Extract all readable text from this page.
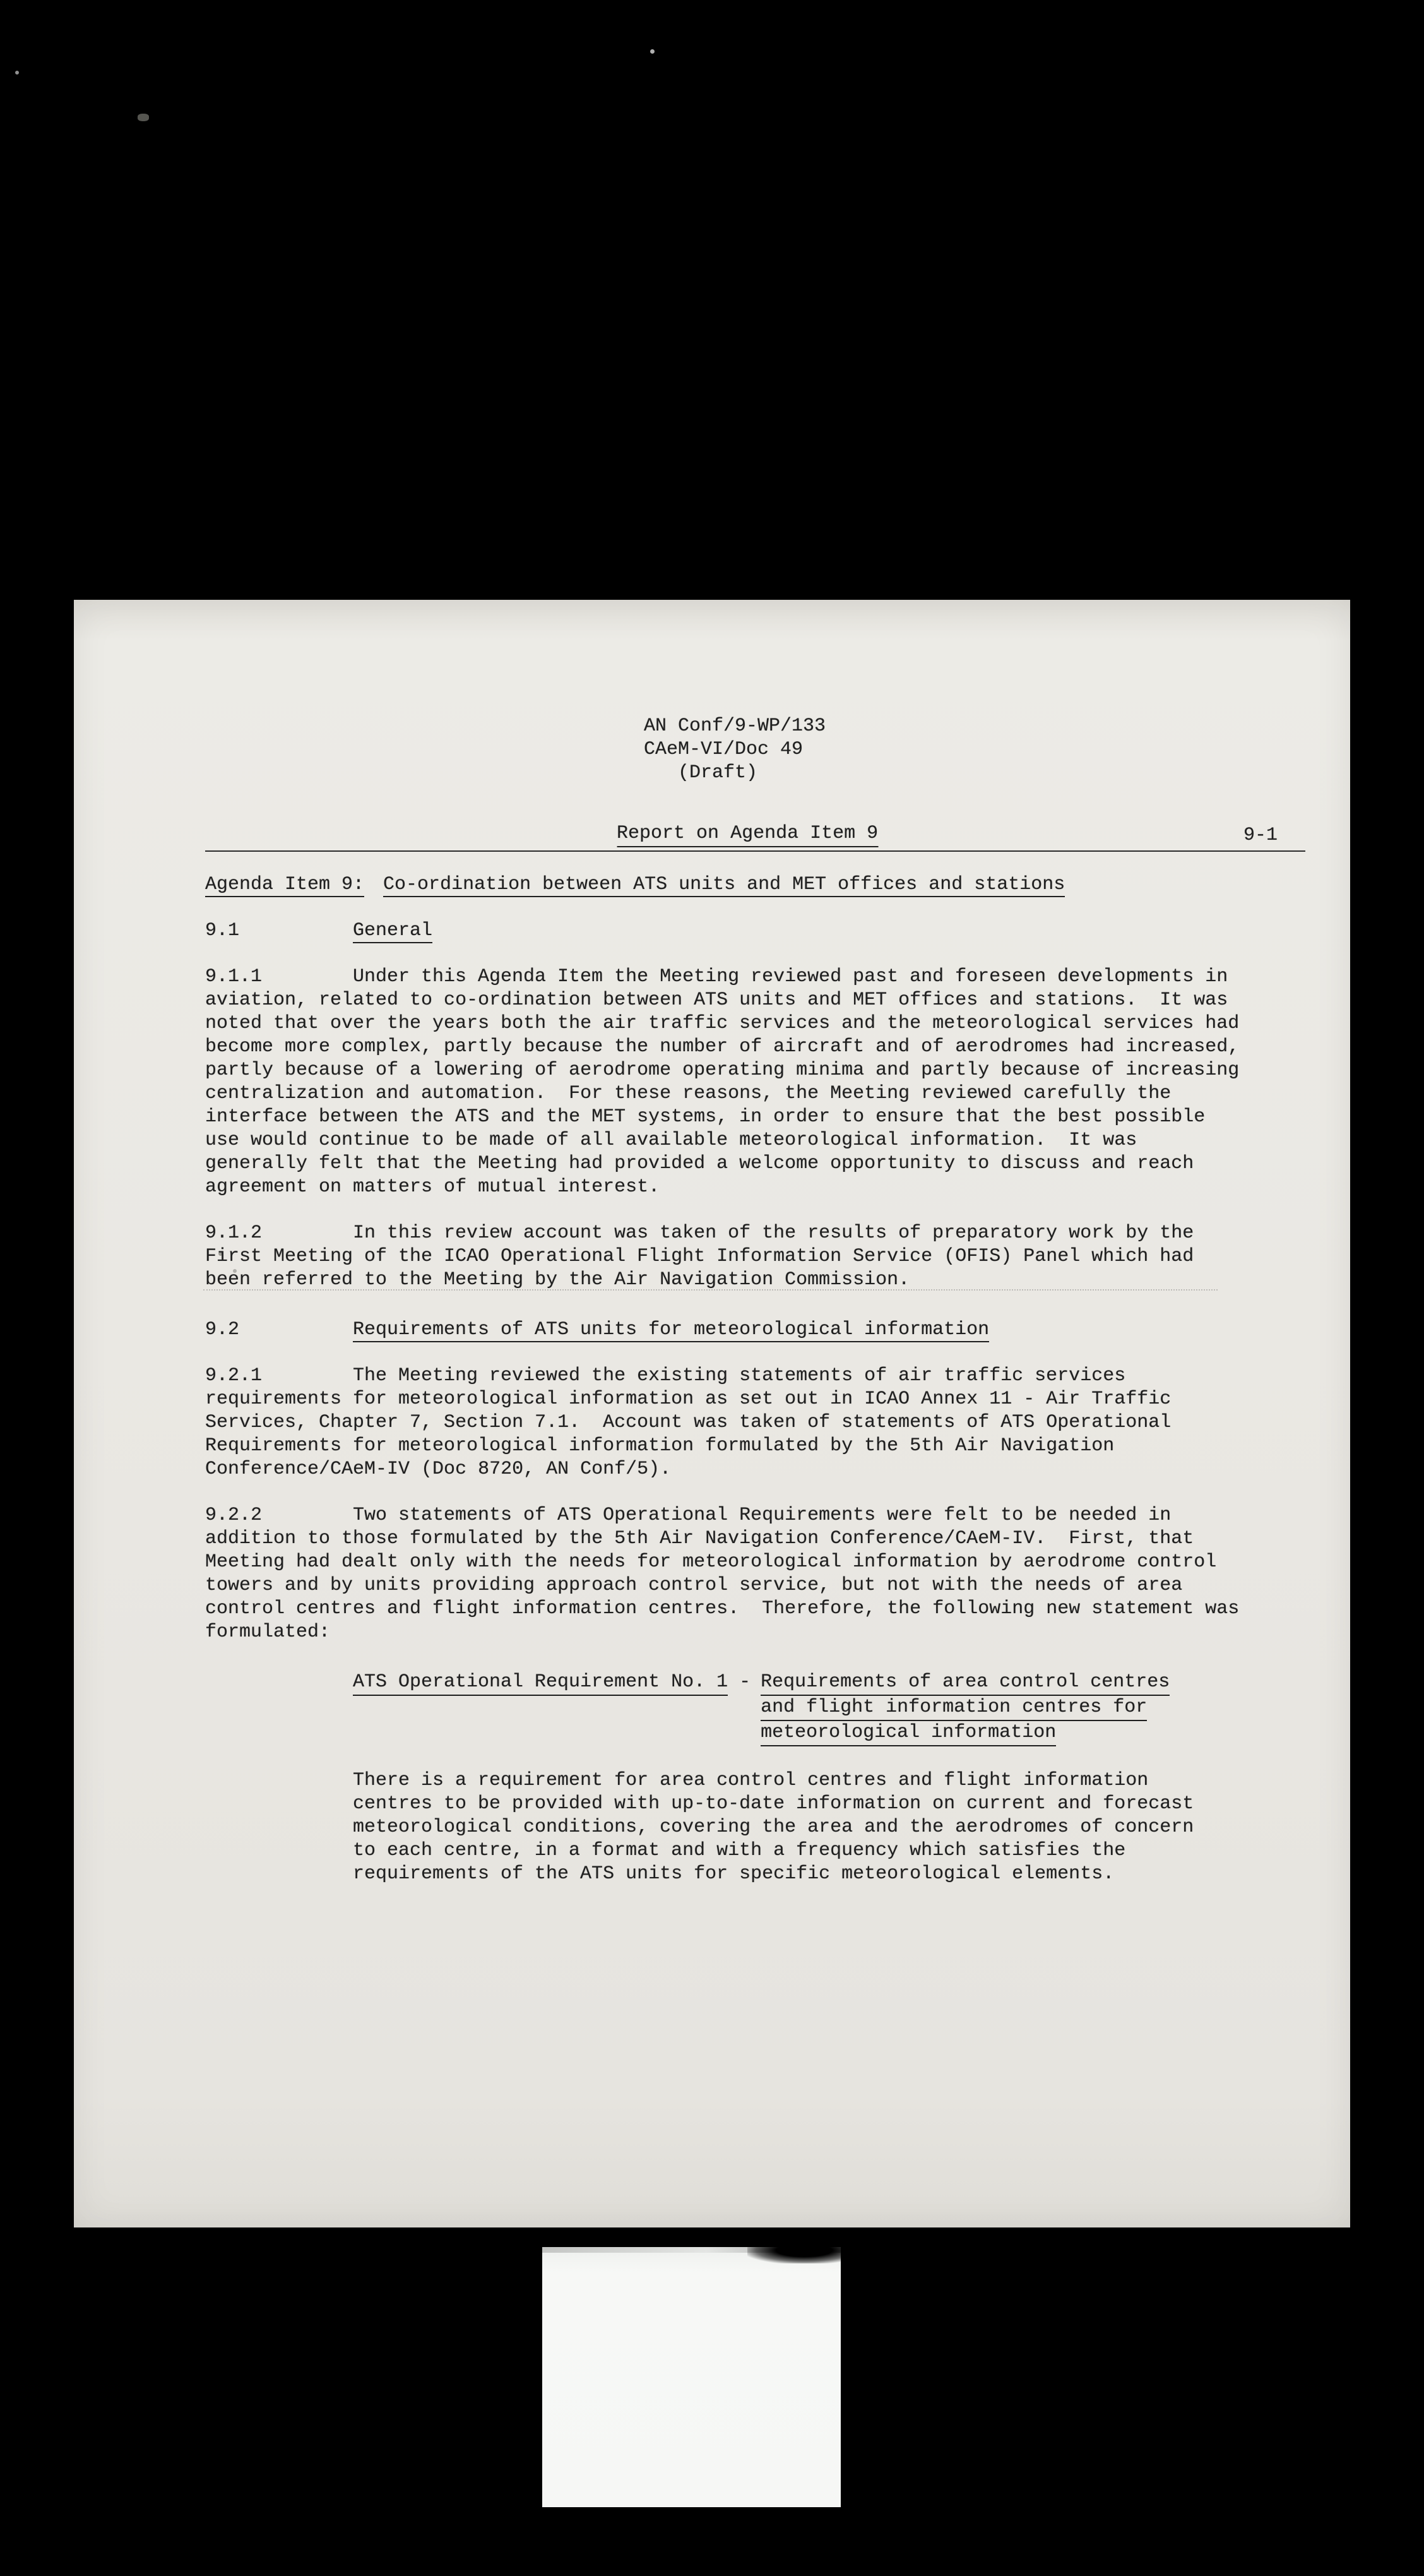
AN Conf/9-WP/133
CAeM-VI/Doc 49
(Draft)
Report on Agenda Item 9	9-1
Agenda Item 9: Co-ordination between ATS units and MET offices and stations
9.1	General

9.1.1	Under this Agenda Item the Meeting reviewed past and foreseen developments in aviation, related to co-ordination between ATS units and MET offices and stations.  It was noted that over the years both the air traffic services and the meteorological services had become more complex, partly because the number of aircraft and of aerodromes had increased, partly because of a lowering of aerodrome operating minima and partly because of increasing centralization and automation.  For these reasons, the Meeting reviewed carefully the interface between the ATS and the MET systems, in order to ensure that the best possible use would continue to be made of all available meteorological information.  It was generally felt that the Meeting had provided a welcome opportunity to discuss and reach agreement on matters of mutual interest.

9.1.2	In this review account was taken of the results of preparatory work by the First Meeting of the ICAO Operational Flight Information Service (OFIS) Panel which had been referred to the Meeting by the Air Navigation Commission.

9.2	Requirements of ATS units for meteorological information

9.2.1	The Meeting reviewed the existing statements of air traffic services requirements for meteorological information as set out in ICAO Annex 11 - Air Traffic Services, Chapter 7, Section 7.1.  Account was taken of statements of ATS Operational Requirements for meteorological information formulated by the 5th Air Navigation Conference/CAeM-IV (Doc 8720, AN Conf/5).

9.2.2	Two statements of ATS Operational Requirements were felt to be needed in addition to those formulated by the 5th Air Navigation Conference/CAeM-IV.  First, that Meeting had dealt only with the needs for meteorological information by aerodrome control towers and by units providing approach control service, but not with the needs of area control centres and flight information centres.  Therefore, the following new statement was formulated:

ATS Operational Requirement No. 1 - Requirements of area control centres
and flight information centres for
meteorological information
There is a requirement for area control centres and flight information centres to be provided with up-to-date information on current and forecast meteorological conditions, covering the area and the aerodromes of concern to each centre, in a format and with a frequency which satisfies the requirements of the ATS units for specific meteorological elements.
